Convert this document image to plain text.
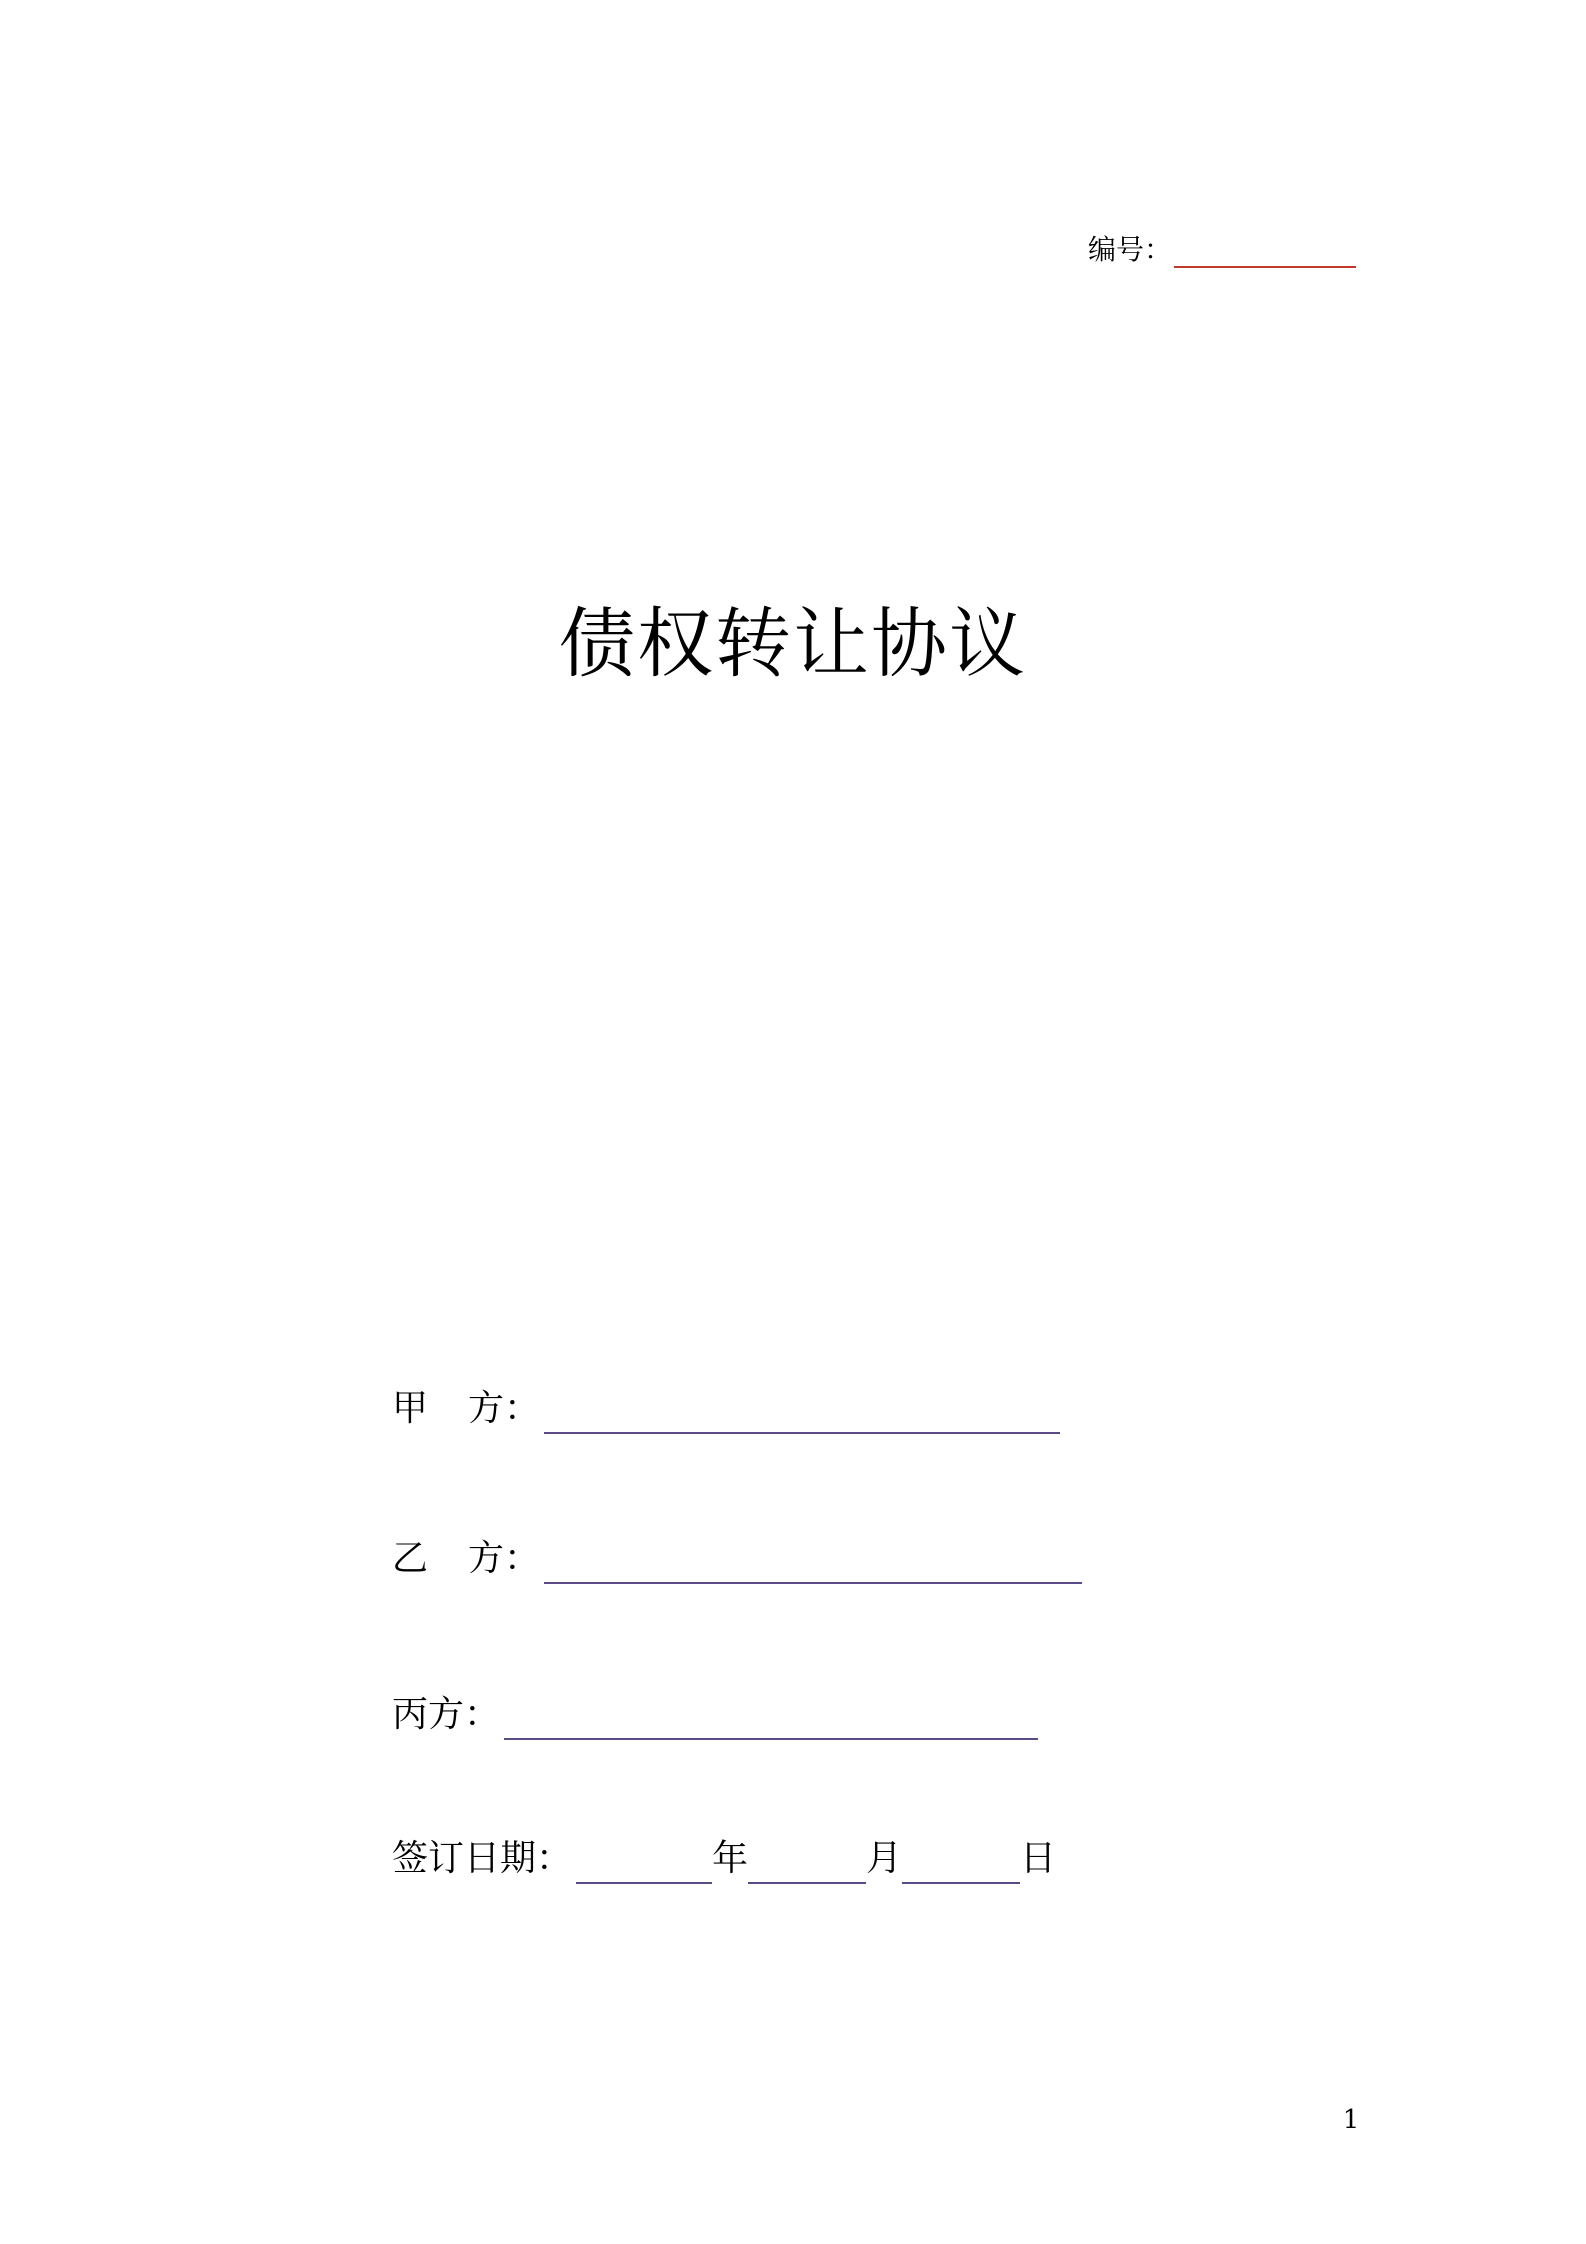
编号：
债权转让协议
甲 方：
乙 方：
丙方：
签订日期：	年	月	日
1
